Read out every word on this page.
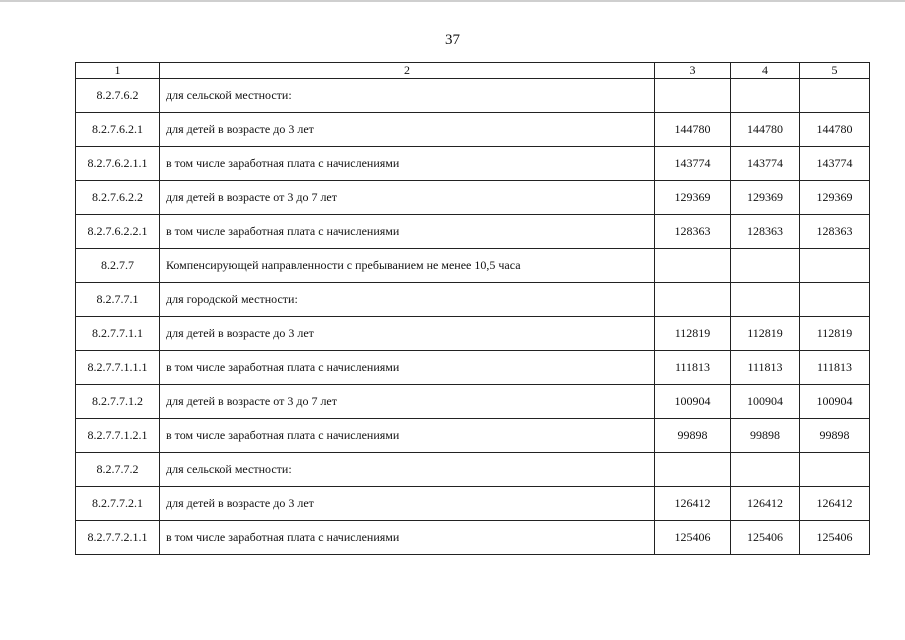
37
1	2	3	4	5
8.2.7.6.2	для сельской местности:			
8.2.7.6.2.1	для детей в возрасте до 3 лет	144780	144780	144780
8.2.7.6.2.1.1	в том числе заработная плата с начислениями	143774	143774	143774
8.2.7.6.2.2	для детей в возрасте от 3 до 7 лет	129369	129369	129369
8.2.7.6.2.2.1	в том числе заработная плата с начислениями	128363	128363	128363
8.2.7.7	Компенсирующей направленности с пребыванием не менее 10,5 часа			
8.2.7.7.1	для городской местности:			
8.2.7.7.1.1	для детей в возрасте до 3 лет	112819	112819	112819
8.2.7.7.1.1.1	в том числе заработная плата с начислениями	111813	111813	111813
8.2.7.7.1.2	для детей в возрасте от 3 до 7 лет	100904	100904	100904
8.2.7.7.1.2.1	в том числе заработная плата с начислениями	99898	99898	99898
8.2.7.7.2	для сельской местности:			
8.2.7.7.2.1	для детей в возрасте до 3 лет	126412	126412	126412
8.2.7.7.2.1.1	в том числе заработная плата с начислениями	125406	125406	125406
